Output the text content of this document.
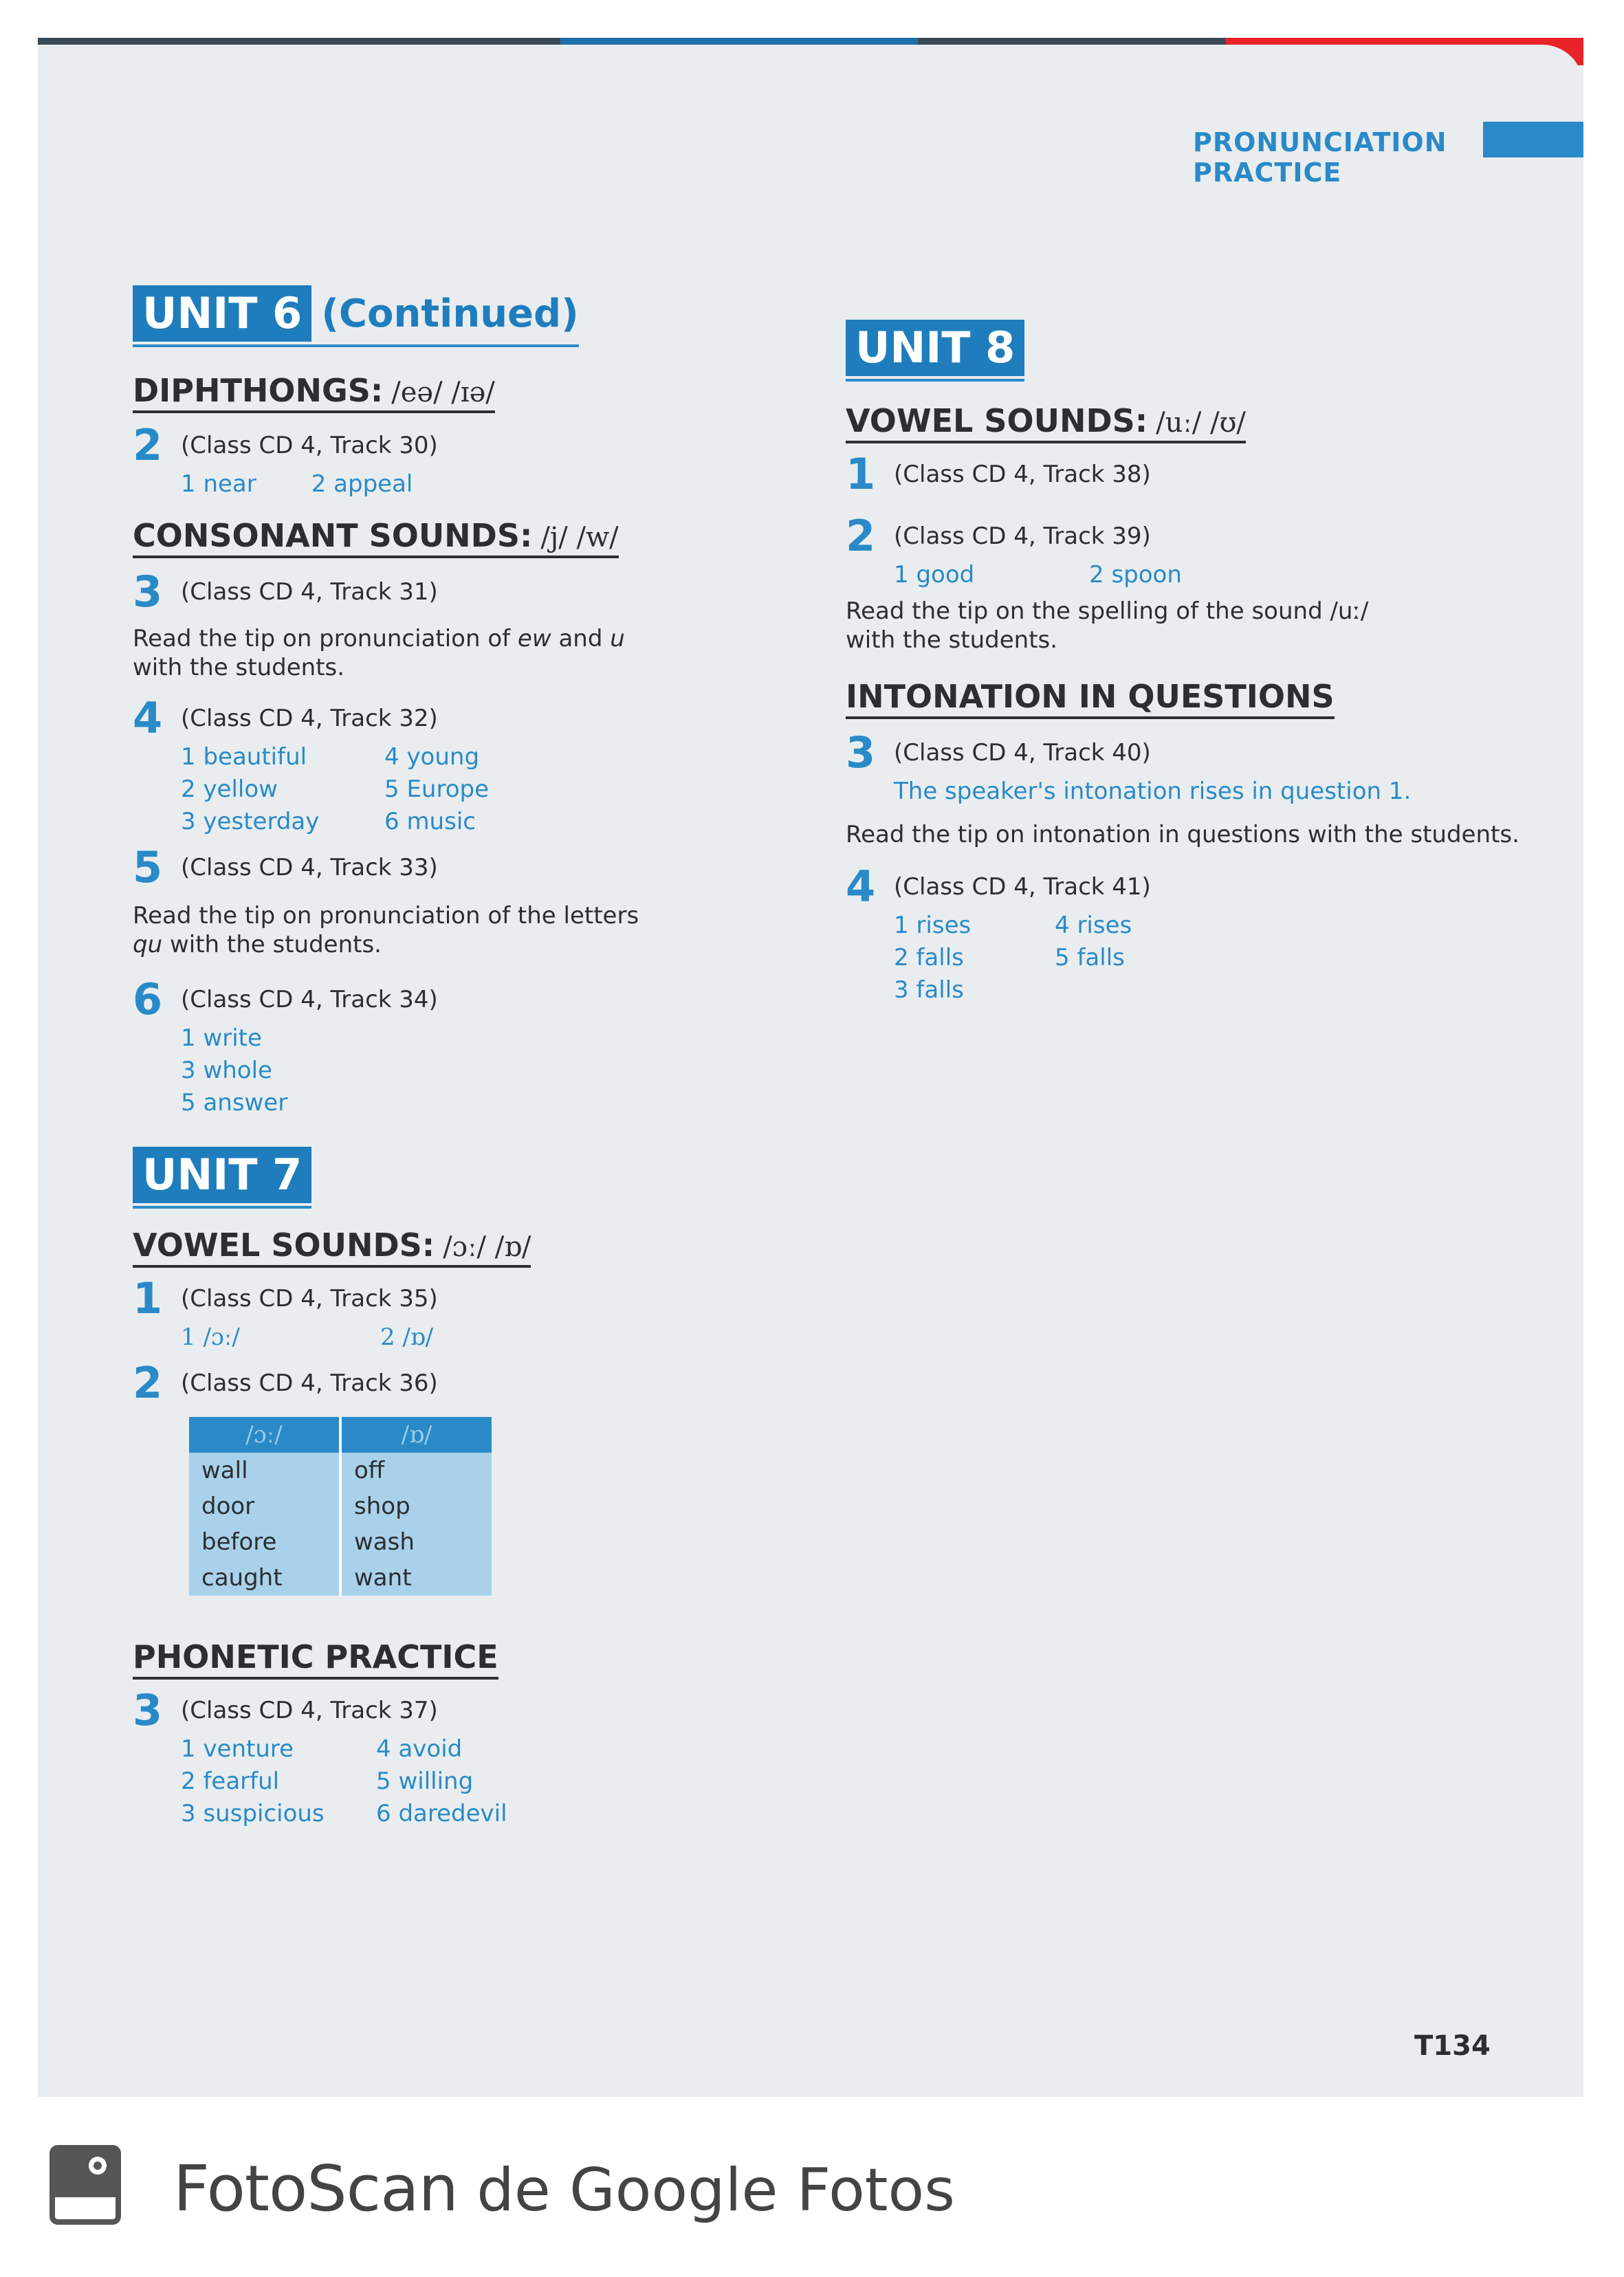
PRONUNCIATION PRACTICE
UNIT 6 (Continued)
DIPHTHONGS: /eə/ /ɪə/
2 (Class CD 4, Track 30)
1 near 2 appeal
CONSONANT SOUNDS: /j/ /w/
3 (Class CD 4, Track 31)
Read the tip on pronunciation of ew and u with the students.
4 (Class CD 4, Track 32)
1 beautiful	4 young
2 yellow	5 Europe
3 yesterday	6 music
5 (Class CD 4, Track 33)
Read the tip on pronunciation of the letters qu with the students.
6 (Class CD 4, Track 34)
1 write
3 whole
5 answer
UNIT 7
VOWEL SOUNDS: /ɔː/ /ɒ/
1 (Class CD 4, Track 35)
1 /ɔː/	2 /ɒ/
2 (Class CD 4, Track 36)
/ɔː/	/ɒ/
wall	off
door	shop
before	wash
caught	want
PHONETIC PRACTICE
3 (Class CD 4, Track 37)
1 venture	4 avoid
2 fearful	5 willing
3 suspicious	6 daredevil
UNIT 8
VOWEL SOUNDS: /uː/ /ʊ/
1 (Class CD 4, Track 38)
2 (Class CD 4, Track 39)
1 good	2 spoon
Read the tip on the spelling of the sound /uː/ with the students.
INTONATION IN QUESTIONS
3 (Class CD 4, Track 40)
The speaker's intonation rises in question 1.
Read the tip on intonation in questions with the students.
4 (Class CD 4, Track 41)
1 rises	4 rises
2 falls	5 falls
3 falls
T134
FotoScan de Google Fotos
